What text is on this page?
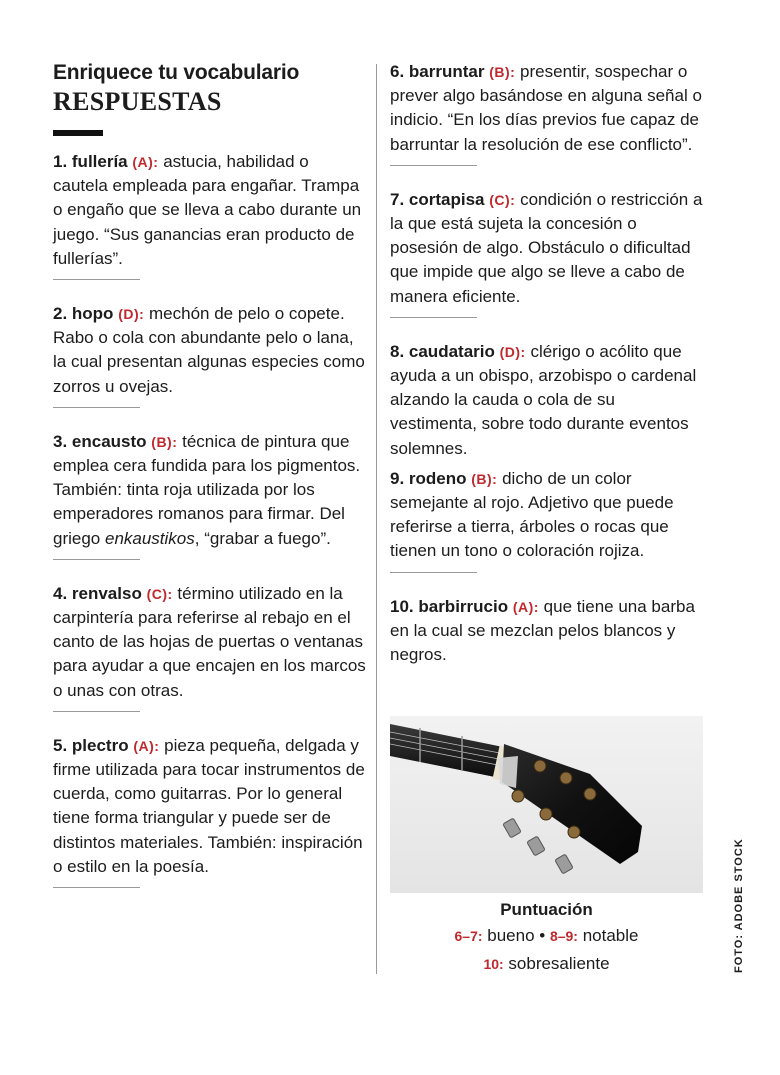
Enriquece tu vocabulario
RESPUESTAS

1. fullería (A): astucia, habilidad o cautela empleada para engañar. Trampa o engaño que se lleva a cabo durante un juego. “Sus ganancias eran producto de fullerías”.

2. hopo (D): mechón de pelo o copete. Rabo o cola con abundante pelo o lana, la cual presentan algunas especies como zorros u ovejas.

3. encausto (B): técnica de pintura que emplea cera fundida para los pigmentos. También: tinta roja utilizada por los emperadores romanos para firmar. Del griego enkaustikos, “grabar a fuego”.

4. renvalso (C): término utilizado en la carpintería para referirse al rebajo en el canto de las hojas de puertas o ventanas para ayudar a que encajen en los marcos o unas con otras.

5. plectro (A): pieza pequeña, delgada y firme utilizada para tocar instrumentos de cuerda, como guitarras. Por lo general tiene forma triangular y puede ser de distintos materiales. También: inspiración o estilo en la poesía.

6. barruntar (B): presentir, sospechar o prever algo basándose en alguna señal o indicio. “En los días previos fue capaz de barruntar la resolución de ese conflicto”.

7. cortapisa (C): condición o restricción a la que está sujeta la concesión o posesión de algo. Obstáculo o dificultad que impide que algo se lleve a cabo de manera eficiente.

8. caudatario (D): clérigo o acólito que ayuda a un obispo, arzobispo o cardenal alzando la cauda o cola de su vestimenta, sobre todo durante eventos solemnes.

9. rodeno (B): dicho de un color semejante al rojo. Adjetivo que puede referirse a tierra, árboles o rocas que tienen un tono o coloración rojiza.

10. barbirrucio (A): que tiene una barba en la cual se mezclan pelos blancos y negros.

Puntuación
6–7: bueno • 8–9: notable
10: sobresaliente	FOTO: ADOBE STOCK
